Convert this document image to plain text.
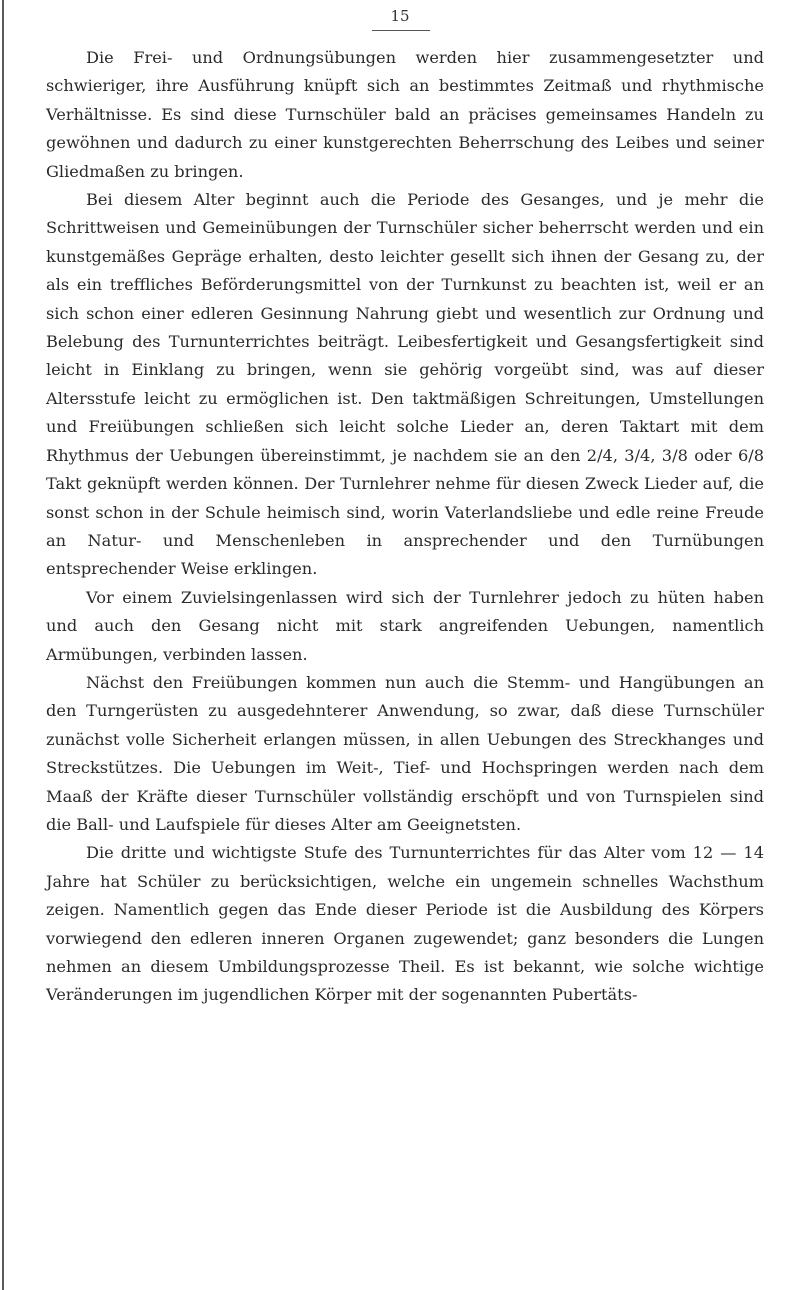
15

Die Frei- und Ordnungsübungen werden hier zusammengesetzter und schwieriger, ihre Ausführung knüpft sich an bestimmtes Zeitmaß und rhythmische Verhältnisse. Es sind diese Turnschüler bald an präcises gemeinsames Handeln zu gewöhnen und dadurch zu einer kunstgerechten Beherrschung des Leibes und seiner Gliedmaßen zu bringen.

Bei diesem Alter beginnt auch die Periode des Gesanges, und je mehr die Schrittweisen und Gemeinübungen der Turnschüler sicher beherrscht werden und ein kunstgemäßes Gepräge erhalten, desto leichter gesellt sich ihnen der Gesang zu, der als ein treffliches Beförderungsmittel von der Turnkunst zu beachten ist, weil er an sich schon einer edleren Gesinnung Nahrung giebt und wesentlich zur Ordnung und Belebung des Turnunterrichtes beiträgt. Leibesfertigkeit und Gesangsfertigkeit sind leicht in Einklang zu bringen, wenn sie gehörig vorgeübt sind, was auf dieser Altersstufe leicht zu ermöglichen ist. Den taktmäßigen Schreitungen, Umstellungen und Freiübungen schließen sich leicht solche Lieder an, deren Taktart mit dem Rhythmus der Uebungen übereinstimmt, je nachdem sie an den 2/4, 3/4, 3/8 oder 6/8 Takt geknüpft werden können. Der Turnlehrer nehme für diesen Zweck Lieder auf, die sonst schon in der Schule heimisch sind, worin Vaterlandsliebe und edle reine Freude an Natur- und Menschenleben in ansprechender und den Turnübungen entsprechender Weise erklingen.

Vor einem Zuvielsingenlassen wird sich der Turnlehrer jedoch zu hüten haben und auch den Gesang nicht mit stark angreifenden Uebungen, namentlich Armübungen, verbinden lassen.

Nächst den Freiübungen kommen nun auch die Stemm- und Hangübungen an den Turngerüsten zu ausgedehnterer Anwendung, so zwar, daß diese Turnschüler zunächst volle Sicherheit erlangen müssen, in allen Uebungen des Streckhanges und Streckstützes. Die Uebungen im Weit-, Tief- und Hochspringen werden nach dem Maaß der Kräfte dieser Turnschüler vollständig erschöpft und von Turnspielen sind die Ball- und Laufspiele für dieses Alter am Geeignetsten.

Die dritte und wichtigste Stufe des Turnunterrichtes für das Alter vom 12 — 14 Jahre hat Schüler zu berücksichtigen, welche ein ungemein schnelles Wachsthum zeigen. Namentlich gegen das Ende dieser Periode ist die Ausbildung des Körpers vorwiegend den edleren inneren Organen zugewendet; ganz besonders die Lungen nehmen an diesem Umbildungsprozesse Theil. Es ist bekannt, wie solche wichtige Veränderungen im jugendlichen Körper mit der sogenannten Pubertäts-
